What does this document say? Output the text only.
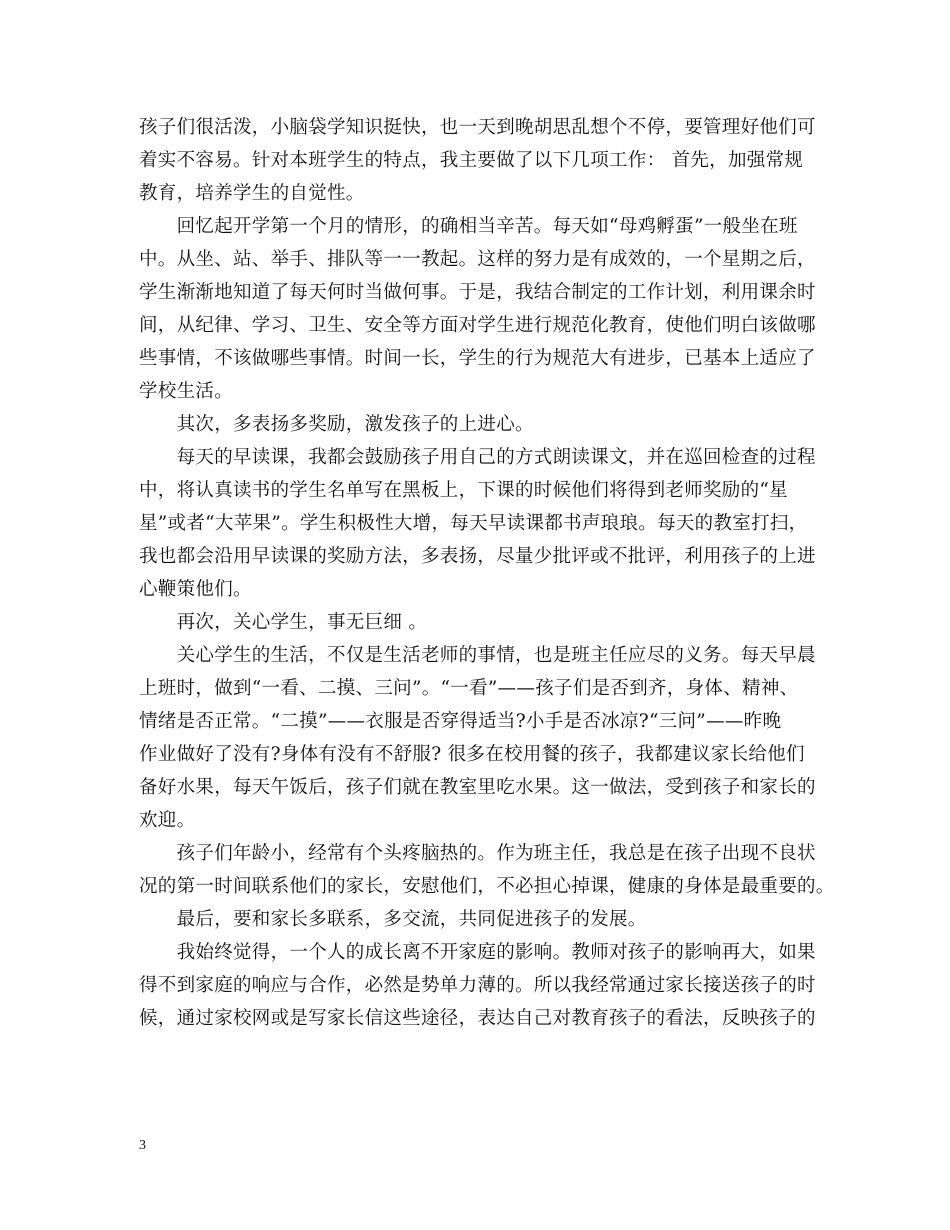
孩子们很活泼，小脑袋学知识挺快，也一天到晚胡思乱想个不停，要管理好他们可
着实不容易。针对本班学生的特点，我主要做了以下几项工作： 首先，加强常规
教育，培养学生的自觉性。
　　回忆起开学第一个月的情形，的确相当辛苦。每天如“母鸡孵蛋”一般坐在班
中。从坐、站、举手、排队等一一教起。这样的努力是有成效的，一个星期之后，
学生渐渐地知道了每天何时当做何事。于是，我结合制定的工作计划，利用课余时
间，从纪律、学习、卫生、安全等方面对学生进行规范化教育，使他们明白该做哪
些事情，不该做哪些事情。时间一长，学生的行为规范大有进步，已基本上适应了
学校生活。
　　其次，多表扬多奖励，激发孩子的上进心。
　　每天的早读课，我都会鼓励孩子用自己的方式朗读课文，并在巡回检查的过程
中，将认真读书的学生名单写在黑板上，下课的时候他们将得到老师奖励的“星
星”或者“大苹果”。学生积极性大增，每天早读课都书声琅琅。每天的教室打扫，
我也都会沿用早读课的奖励方法，多表扬，尽量少批评或不批评，利用孩子的上进
心鞭策他们。
　　再次，关心学生，事无巨细 。
　　关心学生的生活，不仅是生活老师的事情，也是班主任应尽的义务。每天早晨
上班时，做到“一看、二摸、三问”。“一看”——孩子们是否到齐，身体、精神、
情绪是否正常。“二摸”——衣服是否穿得适当?小手是否冰凉?“三问”——昨晚
作业做好了没有?身体有没有不舒服? 很多在校用餐的孩子，我都建议家长给他们
备好水果，每天午饭后，孩子们就在教室里吃水果。这一做法，受到孩子和家长的
欢迎。
　　孩子们年龄小，经常有个头疼脑热的。作为班主任，我总是在孩子出现不良状
况的第一时间联系他们的家长，安慰他们，不必担心掉课，健康的身体是最重要的。
　　最后，要和家长多联系，多交流，共同促进孩子的发展。
　　我始终觉得，一个人的成长离不开家庭的影响。教师对孩子的影响再大，如果
得不到家庭的响应与合作，必然是势单力薄的。所以我经常通过家长接送孩子的时
候，通过家校网或是写家长信这些途径，表达自己对教育孩子的看法，反映孩子的
3
